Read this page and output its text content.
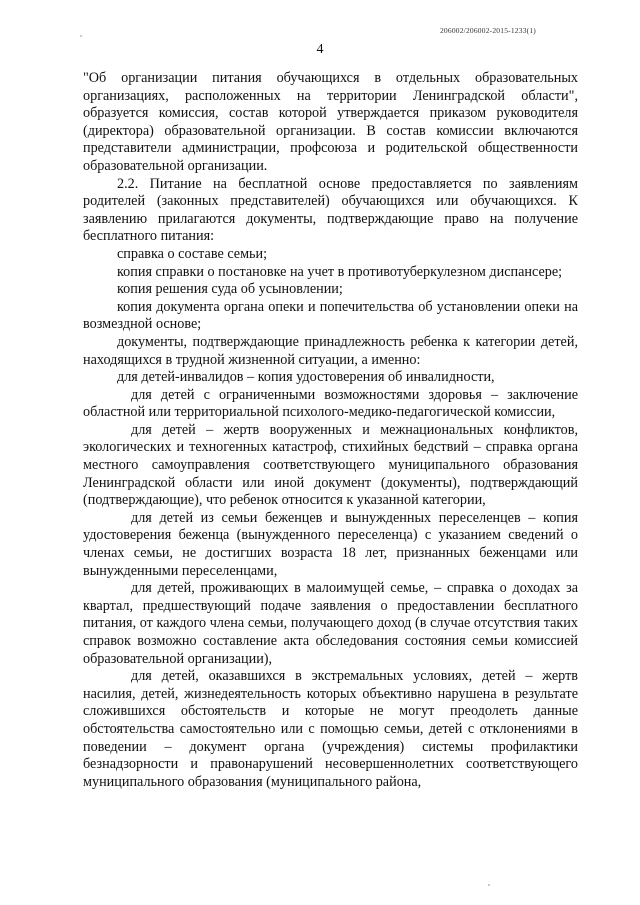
206002/206002-2015-1233(1)
4

"Об организации питания обучающихся в отдельных образовательных организациях, расположенных на территории Ленинградской области", образуется комиссия, состав которой утверждается приказом руководителя (директора) образовательной организации. В состав комиссии включаются представители администрации, профсоюза и родительской общественности образовательной организации.

2.2. Питание на бесплатной основе предоставляется по заявлениям родителей (законных представителей) обучающихся или обучающихся. К заявлению прилагаются документы, подтверждающие право на получение бесплатного питания:

справка о составе семьи;

копия справки о постановке на учет в противотуберкулезном диспансере;

копия решения суда об усыновлении;

копия документа органа опеки и попечительства об установлении опеки на возмездной основе;

документы, подтверждающие принадлежность ребенка к категории детей, находящихся в трудной жизненной ситуации, а именно:

для детей-инвалидов – копия удостоверения об инвалидности,

для детей с ограниченными возможностями здоровья – заключение областной или территориальной психолого-медико-педагогической комиссии,

для детей – жертв вооруженных и межнациональных конфликтов, экологических и техногенных катастроф, стихийных бедствий – справка органа местного самоуправления соответствующего муниципального образования Ленинградской области или иной документ (документы), подтверждающий (подтверждающие), что ребенок относится к указанной категории,

для детей из семьи беженцев и вынужденных переселенцев – копия удостоверения беженца (вынужденного переселенца) с указанием сведений о членах семьи, не достигших возраста 18 лет, признанных беженцами или вынужденными переселенцами,

для детей, проживающих в малоимущей семье, – справка о доходах за квартал, предшествующий подаче заявления о предоставлении бесплатного питания, от каждого члена семьи, получающего доход (в случае отсутствия таких справок возможно составление акта обследования состояния семьи комиссией образовательной организации),

для детей, оказавшихся в экстремальных условиях, детей – жертв насилия, детей, жизнедеятельность которых объективно нарушена в результате сложившихся обстоятельств и которые не могут преодолеть данные обстоятельства самостоятельно или с помощью семьи, детей с отклонениями в поведении – документ органа (учреждения) системы профилактики безнадзорности и правонарушений несовершеннолетних соответствующего муниципального образования (муниципального района,
